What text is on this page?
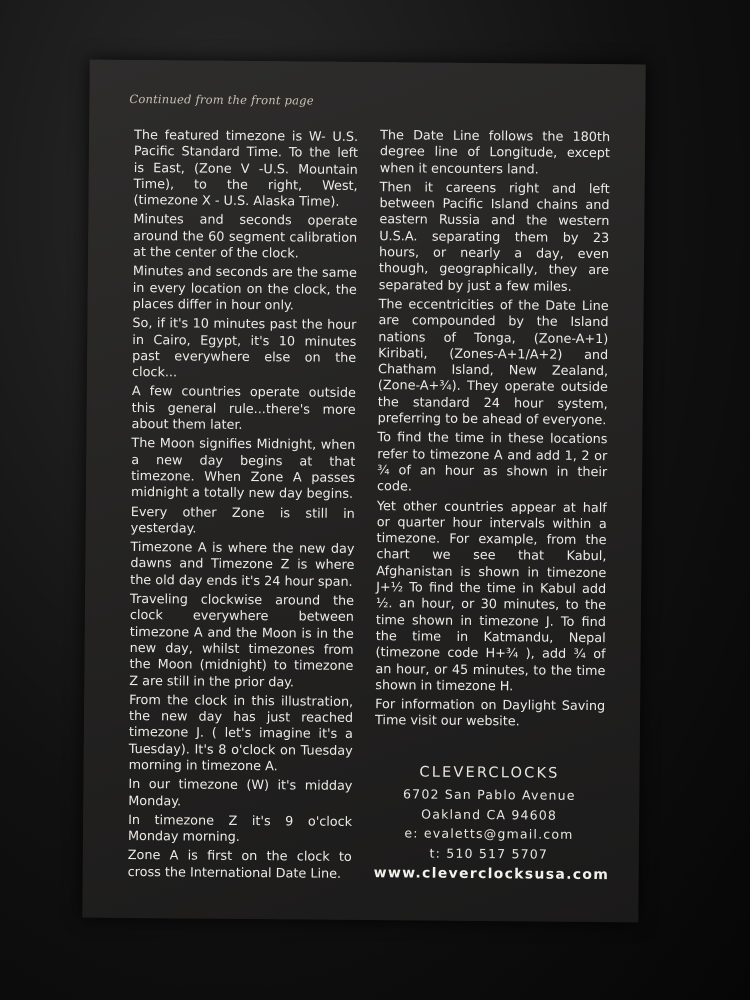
Continued from the front page

The featured timezone is W- U.S. Pacific Standard Time. To the left is East, (Zone V -U.S. Mountain Time), to the right, West, (timezone X - U.S. Alaska Time).

Minutes and seconds operate around the 60 segment calibration at the center of the clock.

Minutes and seconds are the same in every location on the clock, the places differ in hour only.

So, if it's 10 minutes past the hour in Cairo, Egypt, it's 10 minutes past everywhere else on the clock...

A few countries operate outside this general rule...there's more about them later.

The Moon signifies Midnight, when a new day begins at that timezone. When Zone A passes midnight a totally new day begins.

Every other Zone is still in yesterday.

Timezone A is where the new day dawns and Timezone Z is where the old day ends it's 24 hour span.

Traveling clockwise around the clock everywhere between timezone A and the Moon is in the new day, whilst timezones from the Moon (midnight) to timezone Z are still in the prior day.

From the clock in this illustration, the new day has just reached timezone J. ( let's imagine it's a Tuesday). It's 8 o'clock on Tuesday morning in timezone A.

In our timezone (W) it's midday Monday.

In timezone Z it's 9 o'clock Monday morning.

Zone A is first on the clock to cross the International Date Line.

The Date Line follows the 180th degree line of Longitude, except when it encounters land.

Then it careens right and left between Pacific Island chains and eastern Russia and the western U.S.A. separating them by 23 hours, or nearly a day, even though, geographically, they are separated by just a few miles.

The eccentricities of the Date Line are compounded by the Island nations of Tonga, (Zone-A+1) Kiribati, (Zones-A+1/A+2) and Chatham Island, New Zealand, (Zone-A+¾). They operate outside the standard 24 hour system, preferring to be ahead of everyone.

To find the time in these locations refer to timezone A and add 1, 2 or ¾ of an hour as shown in their code.

Yet other countries appear at half or quarter hour intervals within a timezone. For example, from the chart we see that Kabul, Afghanistan is shown in timezone J+½ To find the time in Kabul add ½. an hour, or 30 minutes, to the time shown in timezone J. To find the time in Katmandu, Nepal (timezone code H+¾ ), add ¾ of an hour, or 45 minutes, to the time shown in timezone H.

For information on Daylight Saving Time visit our website.

CLEVERCLOCKS
6702 San Pablo Avenue
Oakland CA 94608
e: evaletts@gmail.com
t: 510 517 5707
www.cleverclocksusa.com
